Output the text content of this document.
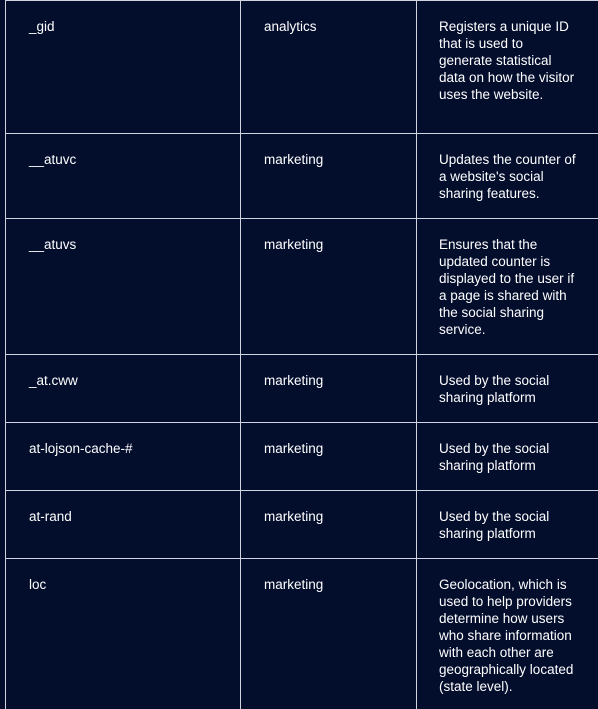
_gid	analytics	Registers a unique ID that is used to generate statistical data on how the visitor uses the website.
__atuvc	marketing	Updates the counter of a website's social sharing features.
__atuvs	marketing	Ensures that the updated counter is displayed to the user if a page is shared with the social sharing service.
_at.cww	marketing	Used by the social sharing platform
at-lojson-cache-#	marketing	Used by the social sharing platform
at-rand	marketing	Used by the social sharing platform
loc	marketing	Geolocation, which is used to help providers determine how users who share information with each other are geographically located (state level).
